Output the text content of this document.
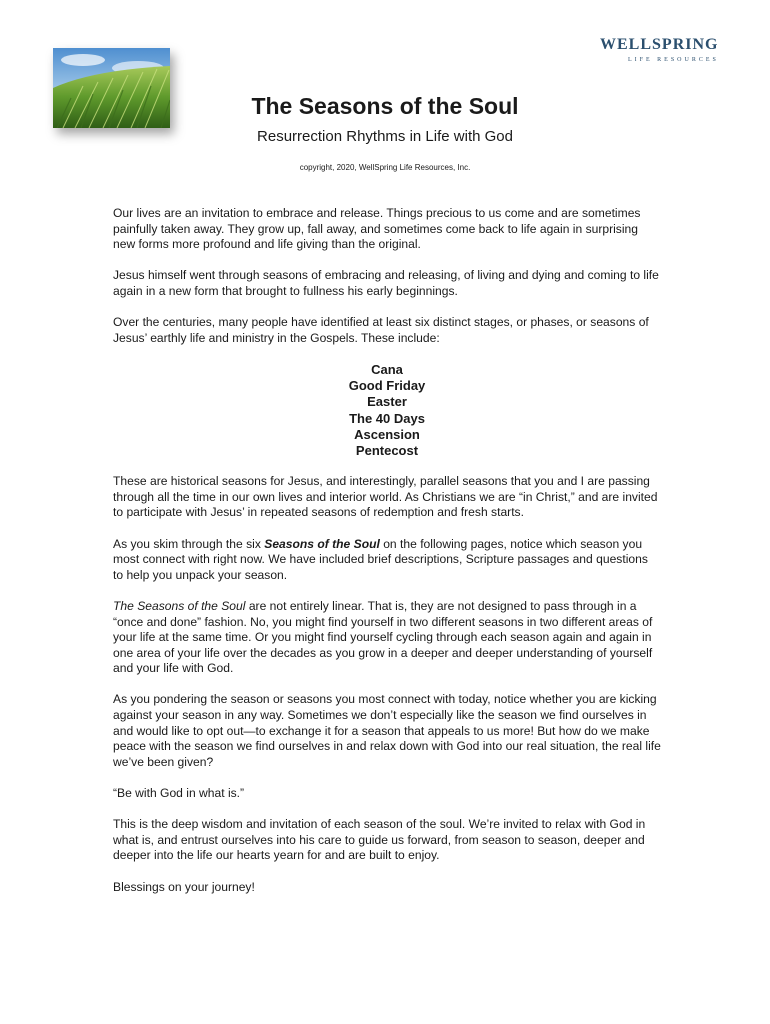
WELLSPRING
LIFE RESOURCES
The Seasons of the Soul
Resurrection Rhythms in Life with God
copyright, 2020, WellSpring Life Resources, Inc.

Our lives are an invitation to embrace and release. Things precious to us come and are sometimes painfully taken away. They grow up, fall away, and sometimes come back to life again in surprising new forms more profound and life giving than the original.

Jesus himself went through seasons of embracing and releasing, of living and dying and coming to life again in a new form that brought to fullness his early beginnings.

Over the centuries, many people have identified at least six distinct stages, or phases, or seasons of Jesus’ earthly life and ministry in the Gospels. These include:

Cana
Good Friday
Easter
The 40 Days
Ascension
Pentecost

These are historical seasons for Jesus, and interestingly, parallel seasons that you and I are passing through all the time in our own lives and interior world. As Christians we are “in Christ,” and are invited to participate with Jesus’ in repeated seasons of redemption and fresh starts.

As you skim through the six Seasons of the Soul on the following pages, notice which season you most connect with right now. We have included brief descriptions, Scripture passages and questions to help you unpack your season.

The Seasons of the Soul are not entirely linear. That is, they are not designed to pass through in a “once and done” fashion. No, you might find yourself in two different seasons in two different areas of your life at the same time. Or you might find yourself cycling through each season again and again in one area of your life over the decades as you grow in a deeper and deeper understanding of yourself and your life with God.

As you pondering the season or seasons you most connect with today, notice whether you are kicking against your season in any way. Sometimes we don’t especially like the season we find ourselves in and would like to opt out—to exchange it for a season that appeals to us more! But how do we make peace with the season we find ourselves in and relax down with God into our real situation, the real life we’ve been given?

“Be with God in what is.”

This is the deep wisdom and invitation of each season of the soul. We’re invited to relax with God in what is, and entrust ourselves into his care to guide us forward, from season to season, deeper and deeper into the life our hearts yearn for and are built to enjoy.

Blessings on your journey!
